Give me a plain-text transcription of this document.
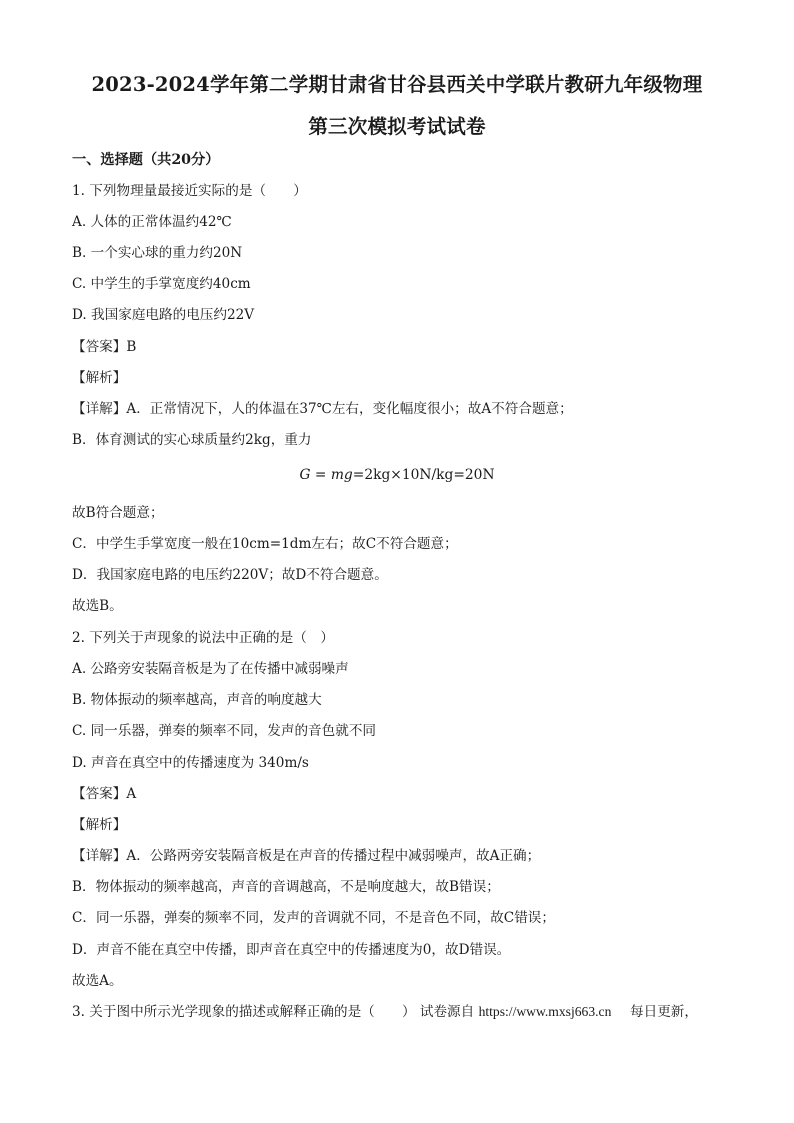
2023-2024学年第二学期甘肃省甘谷县西关中学联片教研九年级物理
第三次模拟考试试卷
一、选择题（共20分）
1. 下列物理量最接近实际的是（　　）
A. 人体的正常体温约42℃
B. 一个实心球的重力约20N
C. 中学生的手掌宽度约40cm
D. 我国家庭电路的电压约22V
【答案】B
【解析】
【详解】A．正常情况下，人的体温在37℃左右，变化幅度很小；故A不符合题意；
B．体育测试的实心球质量约2kg，重力
G = mg=2kg×10N/kg=20N
故B符合题意；
C．中学生手掌宽度一般在10cm=1dm左右；故C不符合题意；
D．我国家庭电路的电压约220V；故D不符合题意。
故选B。
2. 下列关于声现象的说法中正确的是（　）
A. 公路旁安装隔音板是为了在传播中减弱噪声
B. 物体振动的频率越高，声音的响度越大
C. 同一乐器，弹奏的频率不同，发声的音色就不同
D. 声音在真空中的传播速度为 340m/s
【答案】A
【解析】
【详解】A．公路两旁安装隔音板是在声音的传播过程中减弱噪声，故A正确；
B．物体振动的频率越高，声音的音调越高，不是响度越大，故B错误；
C．同一乐器，弹奏的频率不同，发声的音调就不同，不是音色不同，故C错误；
D．声音不能在真空中传播，即声音在真空中的传播速度为0，故D错误。
故选A。
3. 关于图中所示光学现象的描述或解释正确的是（　　） 试卷源自 https://www.mxsj663.cn 每日更新，
